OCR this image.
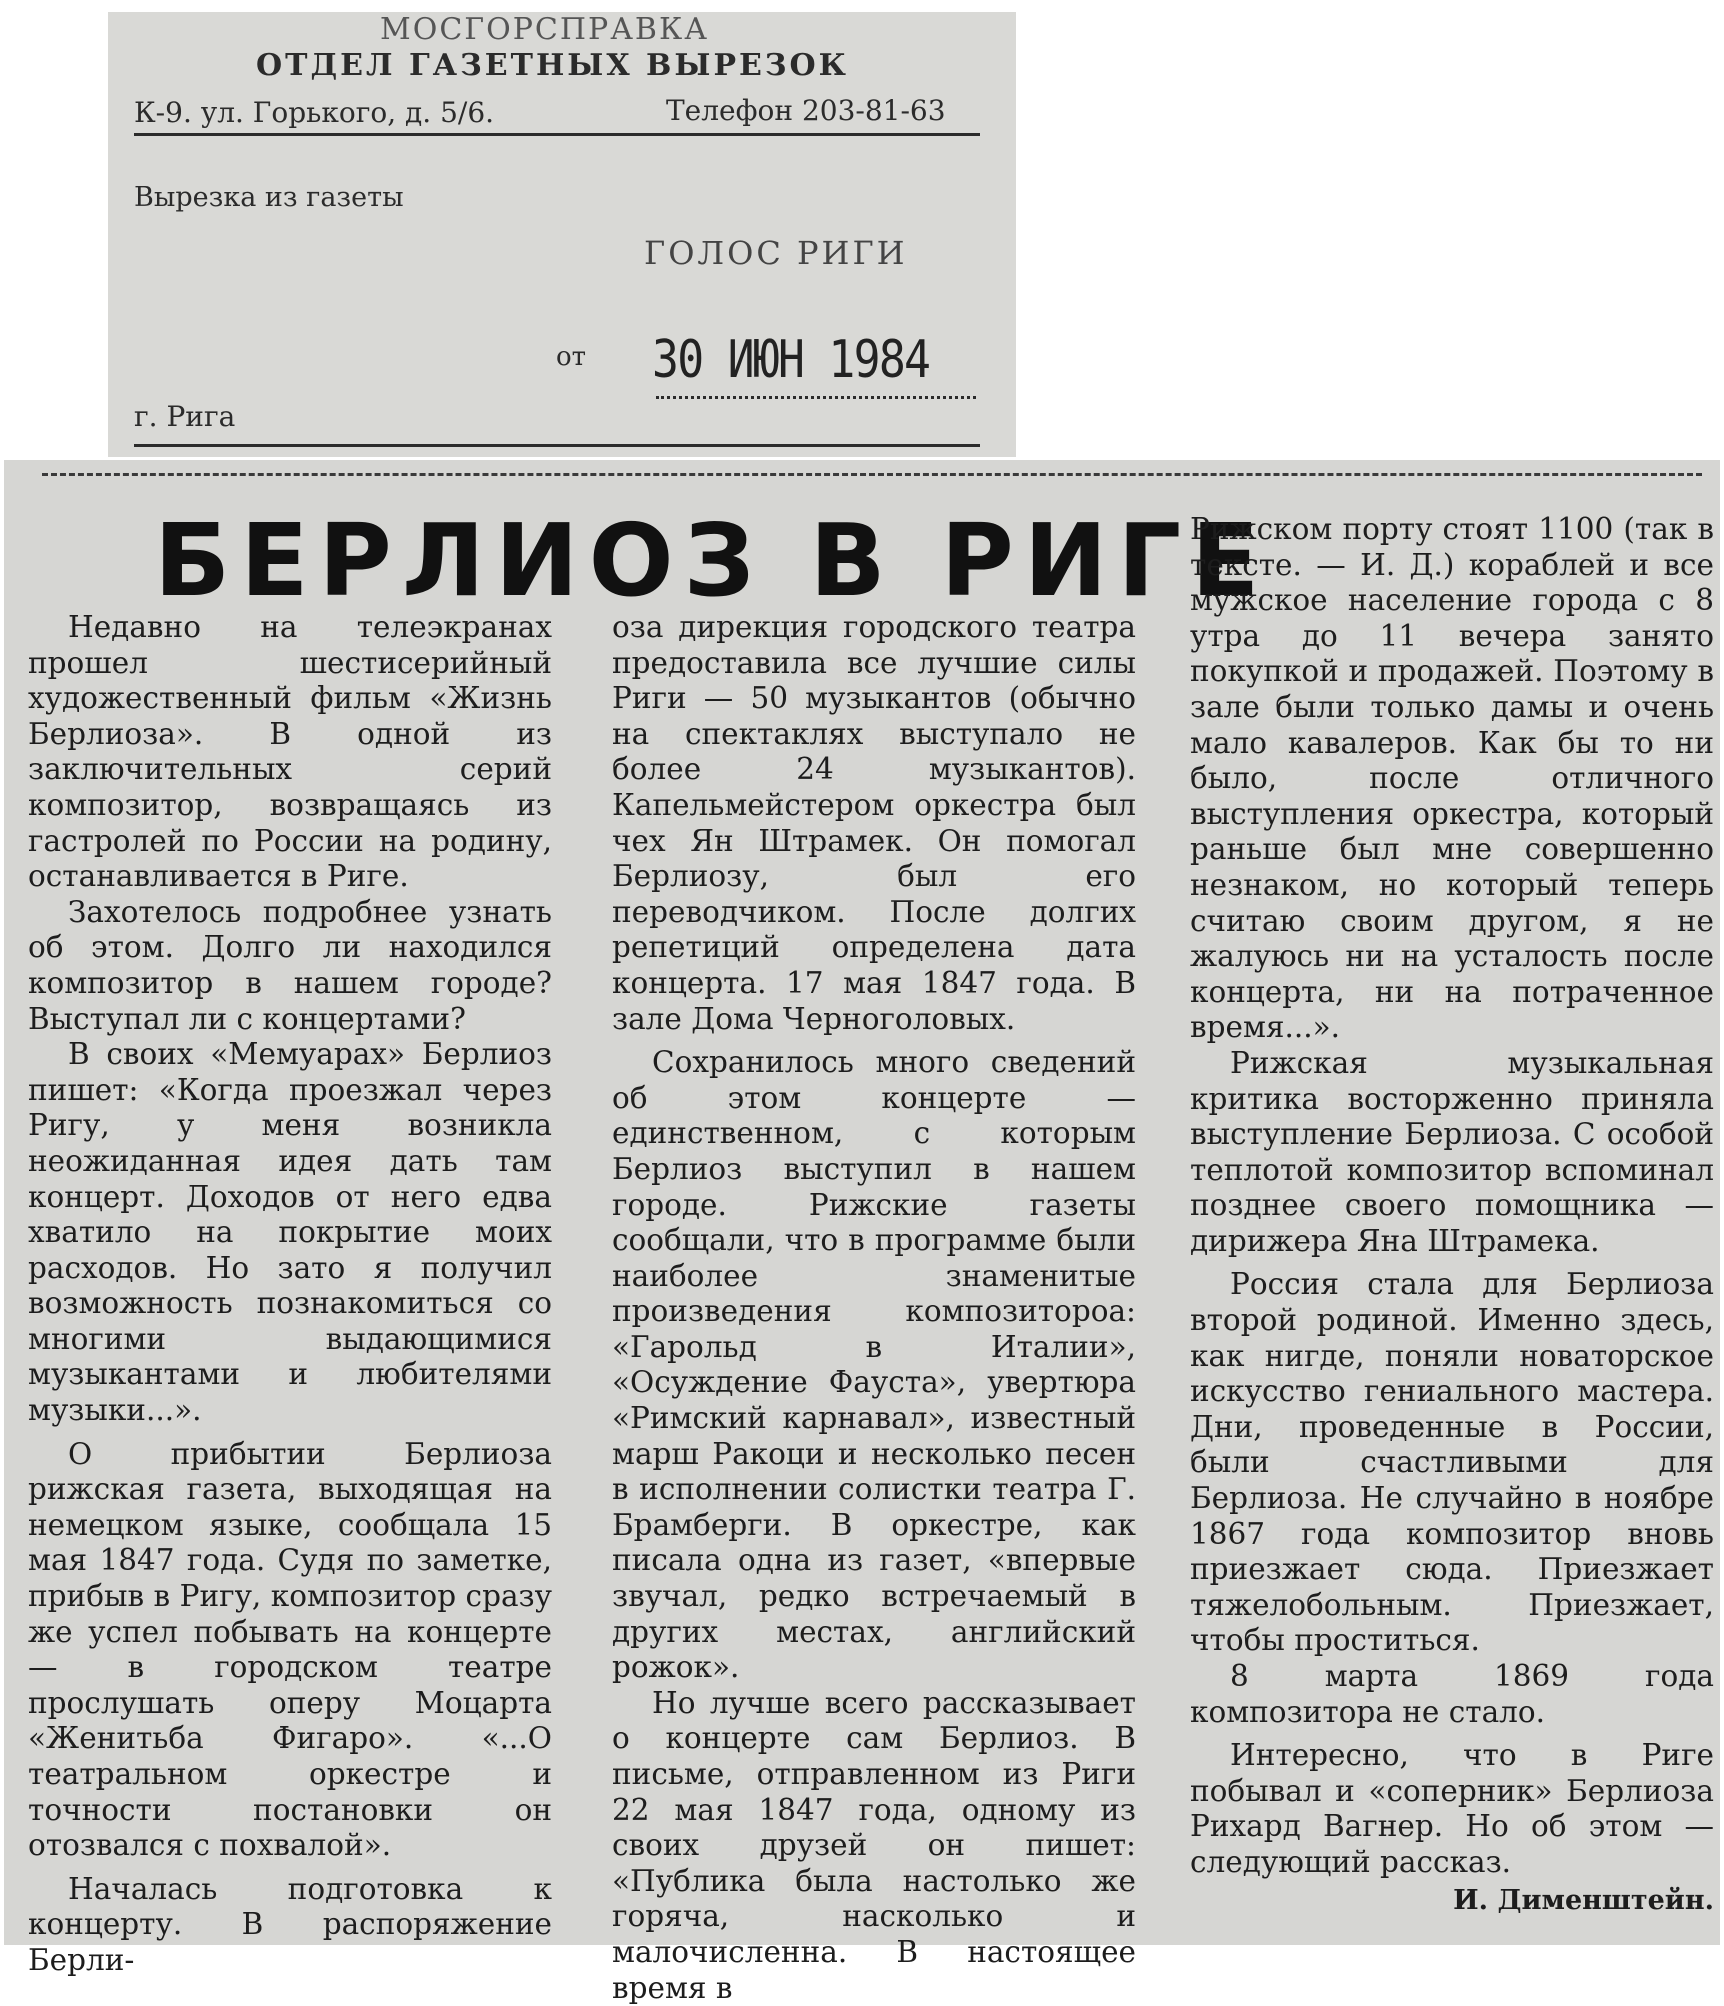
МОСГОРСПРАВКА
ОТДЕЛ ГАЗЕТНЫХ ВЫРЕЗОК
К-9. ул. Горького, д. 5/6.	Телефон 203-81-63
Вырезка из газеты
ГОЛОС РИГИ
от 30 ИЮН 1984
г. Рига
БЕРЛИОЗ В РИГЕ

Недавно на телеэкранах прошел шестисерийный художественный фильм «Жизнь Берлиоза». В одной из заключительных серий композитор, возвращаясь из гастролей по России на родину, останавливается в Риге.

Захотелось подробнее узнать об этом. Долго ли находился композитор в нашем городе? Выступал ли с концертами?

В своих «Мемуарах» Берлиоз пишет: «Когда проезжал через Ригу, у меня возникла неожиданная идея дать там концерт. Доходов от него едва хватило на покрытие моих расходов. Но зато я получил возможность познакомиться со многими выдающимися музыкантами и любителями музыки...».

О прибытии Берлиоза рижская газета, выходящая на немецком языке, сообщала 15 мая 1847 года. Судя по заметке, прибыв в Ригу, композитор сразу же успел побывать на концерте — в городском театре прослушать оперу Моцарта «Женитьба Фигаро». «...О театральном оркестре и точности постановки он отозвался с похвалой».

Началась подготовка к концерту. В распоряжение Берли-

оза дирекция городского театра предоставила все лучшие силы Риги — 50 музыкантов (обычно на спектаклях выступало не более 24 музыкантов). Капельмейстером оркестра был чех Ян Штрамек. Он помогал Берлиозу, был его переводчиком. После долгих репетиций определена дата концерта. 17 мая 1847 года. В зале Дома Черноголовых.

Сохранилось много сведений об этом концерте — единственном, с которым Берлиоз выступил в нашем городе. Рижские газеты сообщали, что в программе были наиболее знаменитые произведения композитороа: «Гарольд в Италии», «Осуждение Фауста», увертюра «Римский карнавал», известный марш Ракоци и несколько песен в исполнении солистки театра Г. Брамберги. В оркестре, как писала одна из газет, «впервые звучал, редко встречаемый в других местах, английский рожок».

Но лучше всего рассказывает о концерте сам Берлиоз. В письме, отправленном из Риги 22 мая 1847 года, одному из своих друзей он пишет: «Публика была настолько же горяча, насколько и малочисленна. В настоящее время в

Рижском порту стоят 1100 (так в тексте. — И. Д.) кораблей и все мужское население города с 8 утра до 11 вечера занято покупкой и продажей. Поэтому в зале были только дамы и очень мало кавалеров. Как бы то ни было, после отличного выступления оркестра, который раньше был мне совершенно незнаком, но который теперь считаю своим другом, я не жалуюсь ни на усталость после концерта, ни на потраченное время...».

Рижская музыкальная критика восторженно приняла выступление Берлиоза. С особой теплотой композитор вспоминал позднее своего помощника — дирижера Яна Штрамека.

Россия стала для Берлиоза второй родиной. Именно здесь, как нигде, поняли новаторское искусство гениального мастера. Дни, проведенные в России, были счастливыми для Берлиоза. Не случайно в ноябре 1867 года композитор вновь приезжает сюда. Приезжает тяжелобольным. Приезжает, чтобы проститься.

8 марта 1869 года композитора не стало.

Интересно, что в Риге побывал и «соперник» Берлиоза Рихард Вагнер. Но об этом — следующий рассказ.

И. Дименштейн.
